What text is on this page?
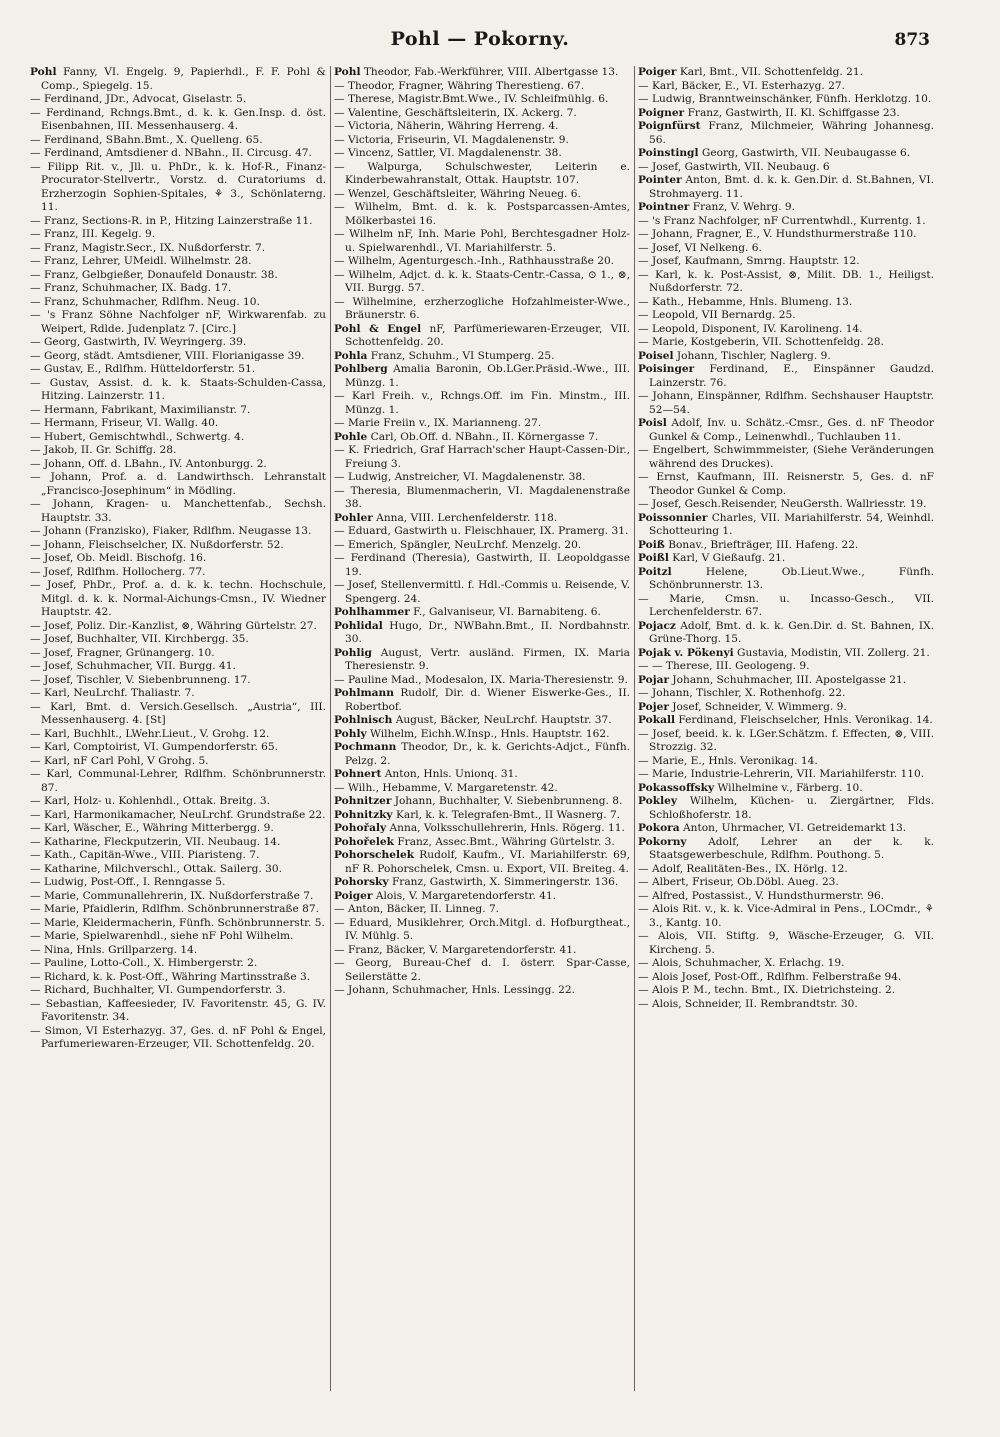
Pohl — Pokorny.	873
Pohl Fanny, VI. Engelg. 9, Papierhdl., F. F. Pohl & Comp., Spiegelg. 15.
— Ferdinand, JDr., Advocat, Giselastr. 5.
— Ferdinand, Rchngs.Bmt., d. k. k. Gen.Insp. d. öst. Eisenbahnen, III. Messenhauserg. 4.
— Ferdinand, SBahn.Bmt., X. Quelleng. 65.
— Ferdinand, Amtsdiener d. NBahn., II. Circusg. 47.
— Filipp Rit. v., Jll. u. PhDr., k. k. Hof-R., Finanz-Procurator-Stellvertr., Vorstz. d. Curatoriums d. Erzherzogin Sophien-Spitales, ⚘ 3., Schönlaterng. 11.
— Franz, Sections-R. in P., Hitzing Lainzerstraße 11.
— Franz, III. Kegelg. 9.
— Franz, Magistr.Secr., IX. Nußdorferstr. 7.
— Franz, Lehrer, UMeidl. Wilhelmstr. 28.
— Franz, Gelbgießer, Donaufeld Donaustr. 38.
— Franz, Schuhmacher, IX. Badg. 17.
— Franz, Schuhmacher, Rdlfhm. Neug. 10.
— 's Franz Söhne Nachfolger nF, Wirkwarenfab. zu Weipert, Rdlde. Judenplatz 7. [Circ.]
— Georg, Gastwirth, IV. Weyringerg. 39.
— Georg, städt. Amtsdiener, VIII. Florianigasse 39.
— Gustav, E., Rdlfhm. Hütteldorferstr. 51.
— Gustav, Assist. d. k. k. Staats-Schulden-Cassa, Hitzing. Lainzerstr. 11.
— Hermann, Fabrikant, Maximilianstr. 7.
— Hermann, Friseur, VI. Wallg. 40.
— Hubert, Gemischtwhdl., Schwertg. 4.
— Jakob, II. Gr. Schiffg. 28.
— Johann, Off. d. LBahn., IV. Antonburgg. 2.
— Johann, Prof. a. d. Landwirthsch. Lehranstalt „Francisco-Josephinum“ in Mödling.
— Johann, Kragen- u. Manchettenfab., Sechsh. Hauptstr. 33.
— Johann (Franzisko), Fiaker, Rdlfhm. Neugasse 13.
— Johann, Fleischselcher, IX. Nußdorferstr. 52.
— Josef, Ob. Meidl. Bischofg. 16.
— Josef, Rdlfhm. Hollocherg. 77.
— Josef, PhDr., Prof. a. d. k. k. techn. Hochschule, Mitgl. d. k. k. Normal-Aichungs-Cmsn., IV. Wiedner Hauptstr. 42.
— Josef, Poliz. Dir.-Kanzlist, ⊗, Währing Gürtelstr. 27.
— Josef, Buchhalter, VII. Kirchbergg. 35.
— Josef, Fragner, Grünangerg. 10.
— Josef, Schuhmacher, VII. Burgg. 41.
— Josef, Tischler, V. Siebenbrunneng. 17.
— Karl, NeuLrchf. Thaliastr. 7.
— Karl, Bmt. d. Versich.Gesellsch. „Austria“, III. Messenhauserg. 4. [St]
— Karl, Buchhlt., LWehr.Lieut., V. Grohg. 12.
— Karl, Comptoirist, VI. Gumpendorferstr. 65.
— Karl, nF Carl Pohl, V Grohg. 5.
— Karl, Communal-Lehrer, Rdlfhm. Schönbrunnerstr. 87.
— Karl, Holz- u. Kohlenhdl., Ottak. Breitg. 3.
— Karl, Harmonikamacher, NeuLrchf. Grundstraße 22.
— Karl, Wäscher, E., Währing Mitterbergg. 9.
— Katharine, Fleckputzerin, VII. Neubaug. 14.
— Kath., Capitän-Wwe., VIII. Piaristeng. 7.
— Katharine, Milchverschl., Ottak. Sailerg. 30.
— Ludwig, Post-Off., I. Renngasse 5.
— Marie, Communallehrerin, IX. Nußdorferstraße 7.
— Marie, Pfaidlerin, Rdlfhm. Schönbrunnerstraße 87.
— Marie, Kleidermacherin, Fünfh. Schönbrunnerstr. 5.
— Marie, Spielwarenhdl., siehe nF Pohl Wilhelm.
— Nina, Hnls. Grillparzerg. 14.
— Pauline, Lotto-Coll., X. Himbergerstr. 2.
— Richard, k. k. Post-Off., Währing Martinsstraße 3.
— Richard, Buchhalter, VI. Gumpendorferstr. 3.
— Sebastian, Kaffeesieder, IV. Favoritenstr. 45, G. IV. Favoritenstr. 34.
— Simon, VI Esterhazyg. 37, Ges. d. nF Pohl & Engel, Parfumeriewaren-Erzeuger, VII. Schottenfeldg. 20.
Pohl Theodor, Fab.-Werkführer, VIII. Albertgasse 13.
— Theodor, Fragner, Währing Therestieng. 67.
— Therese, Magistr.Bmt.Wwe., IV. Schleifmühlg. 6.
— Valentine, Geschäftsleiterin, IX. Ackerg. 7.
— Victoria, Näherin, Währing Herreng. 4.
— Victoria, Friseurin, VI. Magdalenenstr. 9.
— Vincenz, Sattler, VI. Magdalenenstr. 38.
— Walpurga, Schulschwester, Leiterin e. Kinderbewahranstalt, Ottak. Hauptstr. 107.
— Wenzel, Geschäftsleiter, Währing Neueg. 6.
— Wilhelm, Bmt. d. k. k. Postsparcassen-Amtes, Mölkerbastei 16.
— Wilhelm nF, Inh. Marie Pohl, Berchtesgadner Holz- u. Spielwarenhdl., VI. Mariahilferstr. 5.
— Wilhelm, Agenturgesch.-Inh., Rathhausstraße 20.
— Wilhelm, Adjct. d. k. k. Staats-Centr.-Cassa, ⊙ 1., ⊗, VII. Burgg. 57.
— Wilhelmine, erzherzogliche Hofzahlmeister-Wwe., Bräunerstr. 6.
Pohl & Engel nF, Parfümeriewaren-Erzeuger, VII. Schottenfeldg. 20.
Pohla Franz, Schuhm., VI Stumperg. 25.
Pohlberg Amalia Baronin, Ob.LGer.Präsid.-Wwe., III. Münzg. 1.
— Karl Freih. v., Rchngs.Off. im Fin. Minstm., III. Münzg. 1.
— Marie Freiin v., IX. Marianneng. 27.
Pohle Carl, Ob.Off. d. NBahn., II. Körnergasse 7.
— K. Friedrich, Graf Harrach'scher Haupt-Cassen-Dir., Freiung 3.
— Ludwig, Anstreicher, VI. Magdalenenstr. 38.
— Theresia, Blumenmacherin, VI. Magdalenenstraße 38.
Pohler Anna, VIII. Lerchenfelderstr. 118.
— Eduard, Gastwirth u. Fleischhauer, IX. Pramerg. 31.
— Emerich, Spängler, NeuLrchf. Menzelg. 20.
— Ferdinand (Theresia), Gastwirth, II. Leopoldgasse 19.
— Josef, Stellenvermittl. f. Hdl.-Commis u. Reisende, V. Spengerg. 24.
Pohlhammer F., Galvaniseur, VI. Barnabiteng. 6.
Pohlidal Hugo, Dr., NWBahn.Bmt., II. Nordbahnstr. 30.
Pohlig August, Vertr. ausländ. Firmen, IX. Maria Theresienstr. 9.
— Pauline Mad., Modesalon, IX. Maria-Theresienstr. 9.
Pohlmann Rudolf, Dir. d. Wiener Eiswerke-Ges., II. Robertbof.
Pohlnisch August, Bäcker, NeuLrchf. Hauptstr. 37.
Pohly Wilhelm, Eichh.W.Insp., Hnls. Hauptstr. 162.
Pochmann Theodor, Dr., k. k. Gerichts-Adjct., Fünfh. Pelzg. 2.
Pohnert Anton, Hnls. Unionq. 31.
— Wilh., Hebamme, V. Margaretenstr. 42.
Pohnitzer Johann, Buchhalter, V. Siebenbrunneng. 8.
Pohnitzky Karl, k. k. Telegrafen-Bmt., II Wasnerg. 7.
Pohořaly Anna, Volksschullehrerin, Hnls. Rögerg. 11.
Pohořelek Franz, Assec.Bmt., Währing Gürtelstr. 3.
Pohorschelek Rudolf, Kaufm., VI. Mariahilferstr. 69, nF R. Pohorschelek, Cmsn. u. Export, VII. Breiteg. 4.
Pohorsky Franz, Gastwirth, X. Simmeringerstr. 136.
Poiger Alois, V. Margaretendorferstr. 41.
— Anton, Bäcker, II. Linneg. 7.
— Eduard, Musiklehrer, Orch.Mitgl. d. Hofburgtheat., IV. Mühlg. 5.
— Franz, Bäcker, V. Margaretendorferstr. 41.
— Georg, Bureau-Chef d. I. österr. Spar-Casse, Seilerstätte 2.
— Johann, Schuhmacher, Hnls. Lessingg. 22.
Poiger Karl, Bmt., VII. Schottenfeldg. 21.
— Karl, Bäcker, E., VI. Esterhazyg. 27.
— Ludwig, Branntweinschänker, Fünfh. Herklotzg. 10.
Poigner Franz, Gastwirth, II. Kl. Schiffgasse 23.
Poignfürst Franz, Milchmeier, Währing Johannesg. 56.
Poinstingl Georg, Gastwirth, VII. Neubaugasse 6.
— Josef, Gastwirth, VII. Neubaug. 6
Pointer Anton, Bmt. d. k. k. Gen.Dir. d. St.Bahnen, VI. Strohmayerg. 11.
Pointner Franz, V. Wehrg. 9.
— 's Franz Nachfolger, nF Currentwhdl., Kurrentg. 1.
— Johann, Fragner, E., V. Hundsthurmerstraße 110.
— Josef, VI Nelkeng. 6.
— Josef, Kaufmann, Smrng. Hauptstr. 12.
— Karl, k. k. Post-Assist, ⊗, Milit. DB. 1., Heiligst. Nußdorferstr. 72.
— Kath., Hebamme, Hnls. Blumeng. 13.
— Leopold, VII Bernardg. 25.
— Leopold, Disponent, IV. Karolineng. 14.
— Marie, Kostgeberin, VII. Schottenfeldg. 28.
Poisel Johann, Tischler, Naglerg. 9.
Poisinger Ferdinand, E., Einspänner Gaudzd. Lainzerstr. 76.
— Johann, Einspänner, Rdlfhm. Sechshauser Hauptstr. 52—54.
Poisl Adolf, Inv. u. Schätz.-Cmsr., Ges. d. nF Theodor Gunkel & Comp., Leinenwhdl., Tuchlauben 11.
— Engelbert, Schwimmmeister, (Siehe Veränderungen während des Druckes).
— Ernst, Kaufmann, III. Reisnerstr. 5, Ges. d. nF Theodor Gunkel & Comp.
— Josef, Gesch.Reisender, NeuGersth. Wallriesstr. 19.
Poissonnier Charles, VII. Mariahilferstr. 54, Weinhdl. Schotteuring 1.
Poiß Bonav., Briefträger, III. Hafeng. 22.
Poißl Karl, V Gießaufg. 21.
Poitzl	Helene, Ob.Lieut.Wwe., Fünfh. Schönbrunnerstr. 13.
— Marie, Cmsn. u. Incasso-Gesch., VII. Lerchenfelderstr. 67.
Pojacz Adolf, Bmt. d. k. k. Gen.Dir. d. St. Bahnen, IX. Grüne-Thorg. 15.
Pojak v. Pökenyi Gustavia, Modistin, VII. Zollerg. 21.
— — Therese, III. Geologeng. 9.
Pojar Johann, Schuhmacher, III. Apostelgasse 21.
— Johann, Tischler, X. Rothenhofg. 22.
Pojer Josef, Schneider, V. Wimmerg. 9.
Pokall Ferdinand, Fleischselcher, Hnls. Veronikag. 14.
— Josef, beeid. k. k. LGer.Schätzm. f. Effecten, ⊗, VIII. Strozzig. 32.
— Marie, E., Hnls. Veronikag. 14.
— Marie, Industrie-Lehrerin, VII. Mariahilferstr. 110.
Pokassoffsky Wilhelmine v., Färberg. 10.
Pokley Wilhelm, Küchen- u. Ziergärtner, Flds. Schloßhoferstr. 18.
Pokora Anton, Uhrmacher, VI. Getreidemarkt 13.
Pokorny Adolf, Lehrer an der k. k. Staatsgewerbeschule, Rdlfhm. Pouthong. 5.
— Adolf, Realitäten-Bes., IX. Hörlg. 12.
— Albert, Friseur, Ob.Döbl. Aueg. 23.
— Alfred, Postassist., V. Hundsthurmerstr. 96.
— Alois Rit. v., k. k. Vice-Admiral in Pens., LOCmdr., ⚘ 3., Kantg. 10.
— Alois, VII. Stiftg. 9, Wäsche-Erzeuger, G. VII. Kircheng. 5.
— Alois, Schuhmacher, X. Erlachg. 19.
— Alois Josef, Post-Off., Rdlfhm. Felberstraße 94.
— Alois P. M., techn. Bmt., IX. Dietrichsteing. 2.
— Alois, Schneider, II. Rembrandtstr. 30.
